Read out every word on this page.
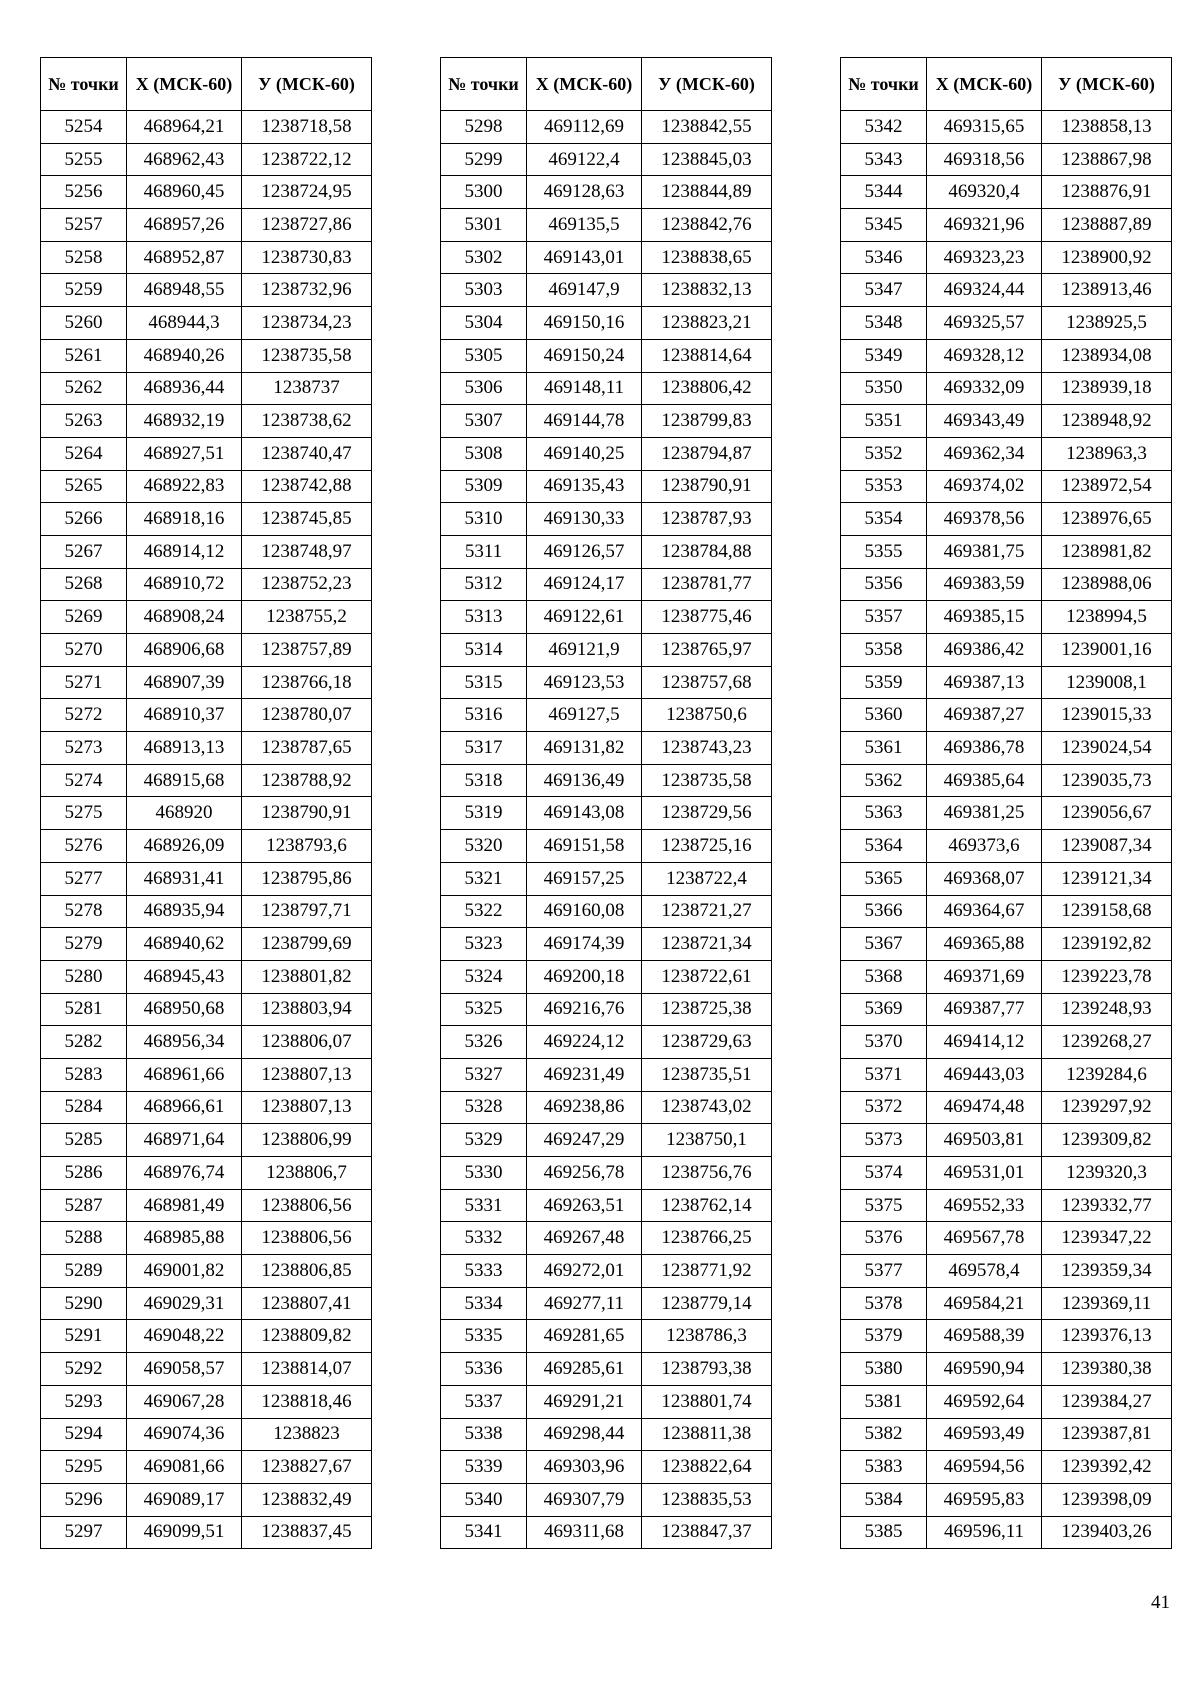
№ точки	X (МСК-60)	У (МСК-60)
5254	468964,21	1238718,58
5255	468962,43	1238722,12
5256	468960,45	1238724,95
5257	468957,26	1238727,86
5258	468952,87	1238730,83
5259	468948,55	1238732,96
5260	468944,3	1238734,23
5261	468940,26	1238735,58
5262	468936,44	1238737
5263	468932,19	1238738,62
5264	468927,51	1238740,47
5265	468922,83	1238742,88
5266	468918,16	1238745,85
5267	468914,12	1238748,97
5268	468910,72	1238752,23
5269	468908,24	1238755,2
5270	468906,68	1238757,89
5271	468907,39	1238766,18
5272	468910,37	1238780,07
5273	468913,13	1238787,65
5274	468915,68	1238788,92
5275	468920	1238790,91
5276	468926,09	1238793,6
5277	468931,41	1238795,86
5278	468935,94	1238797,71
5279	468940,62	1238799,69
5280	468945,43	1238801,82
5281	468950,68	1238803,94
5282	468956,34	1238806,07
5283	468961,66	1238807,13
5284	468966,61	1238807,13
5285	468971,64	1238806,99
5286	468976,74	1238806,7
5287	468981,49	1238806,56
5288	468985,88	1238806,56
5289	469001,82	1238806,85
5290	469029,31	1238807,41
5291	469048,22	1238809,82
5292	469058,57	1238814,07
5293	469067,28	1238818,46
5294	469074,36	1238823
5295	469081,66	1238827,67
5296	469089,17	1238832,49
5297	469099,51	1238837,45
№ точки	X (МСК-60)	У (МСК-60)
5298	469112,69	1238842,55
5299	469122,4	1238845,03
5300	469128,63	1238844,89
5301	469135,5	1238842,76
5302	469143,01	1238838,65
5303	469147,9	1238832,13
5304	469150,16	1238823,21
5305	469150,24	1238814,64
5306	469148,11	1238806,42
5307	469144,78	1238799,83
5308	469140,25	1238794,87
5309	469135,43	1238790,91
5310	469130,33	1238787,93
5311	469126,57	1238784,88
5312	469124,17	1238781,77
5313	469122,61	1238775,46
5314	469121,9	1238765,97
5315	469123,53	1238757,68
5316	469127,5	1238750,6
5317	469131,82	1238743,23
5318	469136,49	1238735,58
5319	469143,08	1238729,56
5320	469151,58	1238725,16
5321	469157,25	1238722,4
5322	469160,08	1238721,27
5323	469174,39	1238721,34
5324	469200,18	1238722,61
5325	469216,76	1238725,38
5326	469224,12	1238729,63
5327	469231,49	1238735,51
5328	469238,86	1238743,02
5329	469247,29	1238750,1
5330	469256,78	1238756,76
5331	469263,51	1238762,14
5332	469267,48	1238766,25
5333	469272,01	1238771,92
5334	469277,11	1238779,14
5335	469281,65	1238786,3
5336	469285,61	1238793,38
5337	469291,21	1238801,74
5338	469298,44	1238811,38
5339	469303,96	1238822,64
5340	469307,79	1238835,53
5341	469311,68	1238847,37
№ точки	X (МСК-60)	У (МСК-60)
5342	469315,65	1238858,13
5343	469318,56	1238867,98
5344	469320,4	1238876,91
5345	469321,96	1238887,89
5346	469323,23	1238900,92
5347	469324,44	1238913,46
5348	469325,57	1238925,5
5349	469328,12	1238934,08
5350	469332,09	1238939,18
5351	469343,49	1238948,92
5352	469362,34	1238963,3
5353	469374,02	1238972,54
5354	469378,56	1238976,65
5355	469381,75	1238981,82
5356	469383,59	1238988,06
5357	469385,15	1238994,5
5358	469386,42	1239001,16
5359	469387,13	1239008,1
5360	469387,27	1239015,33
5361	469386,78	1239024,54
5362	469385,64	1239035,73
5363	469381,25	1239056,67
5364	469373,6	1239087,34
5365	469368,07	1239121,34
5366	469364,67	1239158,68
5367	469365,88	1239192,82
5368	469371,69	1239223,78
5369	469387,77	1239248,93
5370	469414,12	1239268,27
5371	469443,03	1239284,6
5372	469474,48	1239297,92
5373	469503,81	1239309,82
5374	469531,01	1239320,3
5375	469552,33	1239332,77
5376	469567,78	1239347,22
5377	469578,4	1239359,34
5378	469584,21	1239369,11
5379	469588,39	1239376,13
5380	469590,94	1239380,38
5381	469592,64	1239384,27
5382	469593,49	1239387,81
5383	469594,56	1239392,42
5384	469595,83	1239398,09
5385	469596,11	1239403,26
41
